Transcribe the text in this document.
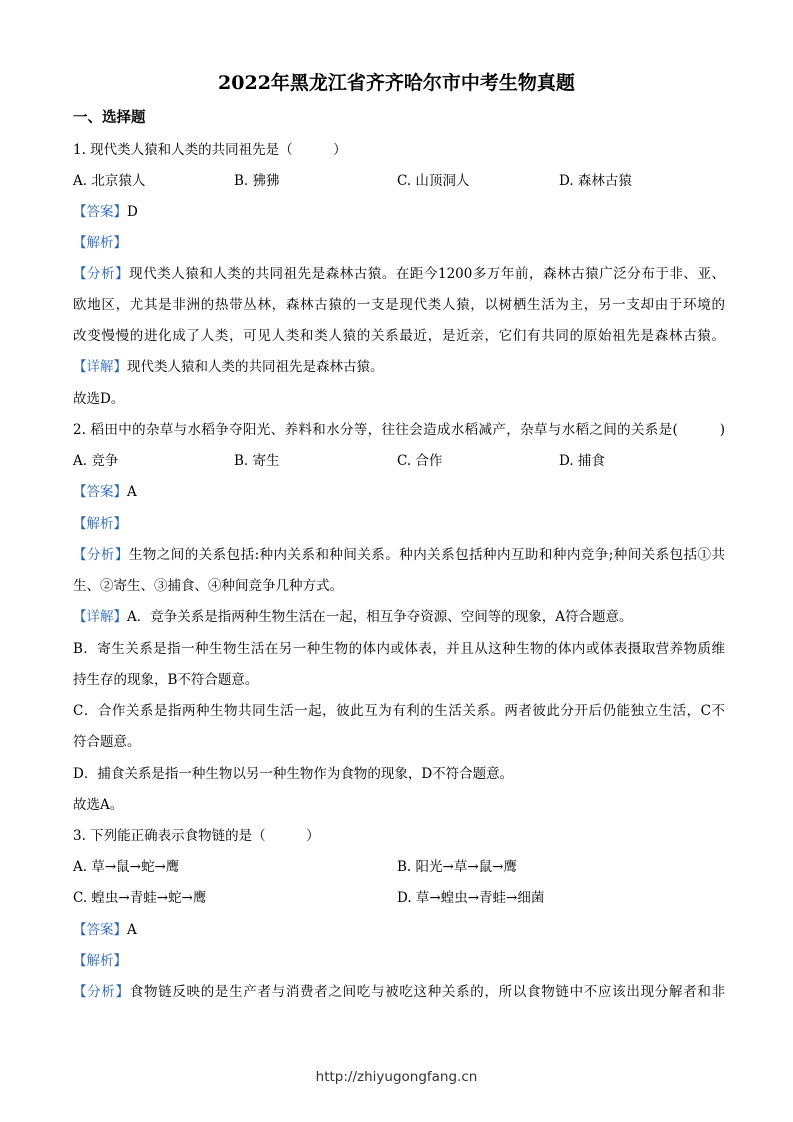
2022年黑龙江省齐齐哈尔市中考生物真题
一、选择题
1. 现代类人猿和人类的共同祖先是（　　　）
A. 北京猿人	B. 狒狒	C. 山顶洞人	D. 森林古猿
【答案】D
【解析】
【分析】现代类人猿和人类的共同祖先是森林古猿。在距今1200多万年前，森林古猿广泛分布于非、亚、
欧地区，尤其是非洲的热带丛林，森林古猿的一支是现代类人猿，以树栖生活为主，另一支却由于环境的
改变慢慢的进化成了人类，可见人类和类人猿的关系最近，是近亲，它们有共同的原始祖先是森林古猿。
【详解】现代类人猿和人类的共同祖先是森林古猿。
故选D。
2. 稻田中的杂草与水稻争夺阳光、养料和水分等，往往会造成水稻减产，杂草与水稻之间的关系是(　　　)
A. 竞争	B. 寄生	C. 合作	D. 捕食
【答案】A
【解析】
【分析】生物之间的关系包括:种内关系和种间关系。种内关系包括种内互助和种内竞争;种间关系包括①共
生、②寄生、③捕食、④种间竞争几种方式。
【详解】A．竞争关系是指两种生物生活在一起，相互争夺资源、空间等的现象，A符合题意。
B．寄生关系是指一种生物生活在另一种生物的体内或体表，并且从这种生物的体内或体表摄取营养物质维
持生存的现象，B不符合题意。
C．合作关系是指两种生物共同生活一起，彼此互为有利的生活关系。两者彼此分开后仍能独立生活，C不
符合题意。
D．捕食关系是指一种生物以另一种生物作为食物的现象，D不符合题意。
故选A。
3. 下列能正确表示食物链的是（　　　）
A. 草→鼠→蛇→鹰	B. 阳光→草→鼠→鹰
C. 蝗虫→青蛙→蛇→鹰	D. 草→蝗虫→青蛙→细菌
【答案】A
【解析】
【分析】食物链反映的是生产者与消费者之间吃与被吃这种关系的，所以食物链中不应该出现分解者和非
http://zhiyugongfang.cn
